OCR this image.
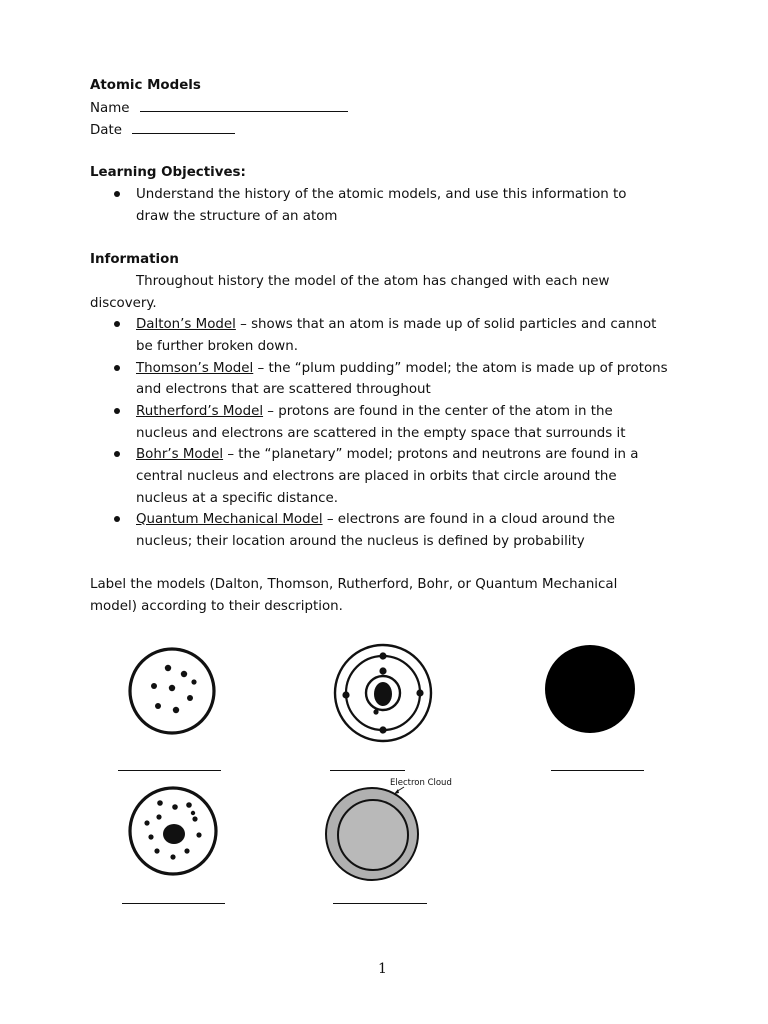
Atomic Models
Name
Date
Learning Objectives:
Understand the history of the atomic models, and use this information to
draw the structure of an atom
Information
Throughout history the model of the atom has changed with each new
discovery.
Dalton’s Model – shows that an atom is made up of solid particles and cannot
be further broken down.
Thomson’s Model – the “plum pudding” model; the atom is made up of protons
and electrons that are scattered throughout
Rutherford’s Model – protons are found in the center of the atom in the
nucleus and electrons are scattered in the empty space that surrounds it
Bohr’s Model – the “planetary” model; protons and neutrons are found in a
central nucleus and electrons are placed in orbits that circle around the
nucleus at a specific distance.
Quantum Mechanical Model – electrons are found in a cloud around the
nucleus; their location around the nucleus is defined by probability
Label the models (Dalton, Thomson, Rutherford, Bohr, or Quantum Mechanical
model) according to their description.
Electron Cloud
1
